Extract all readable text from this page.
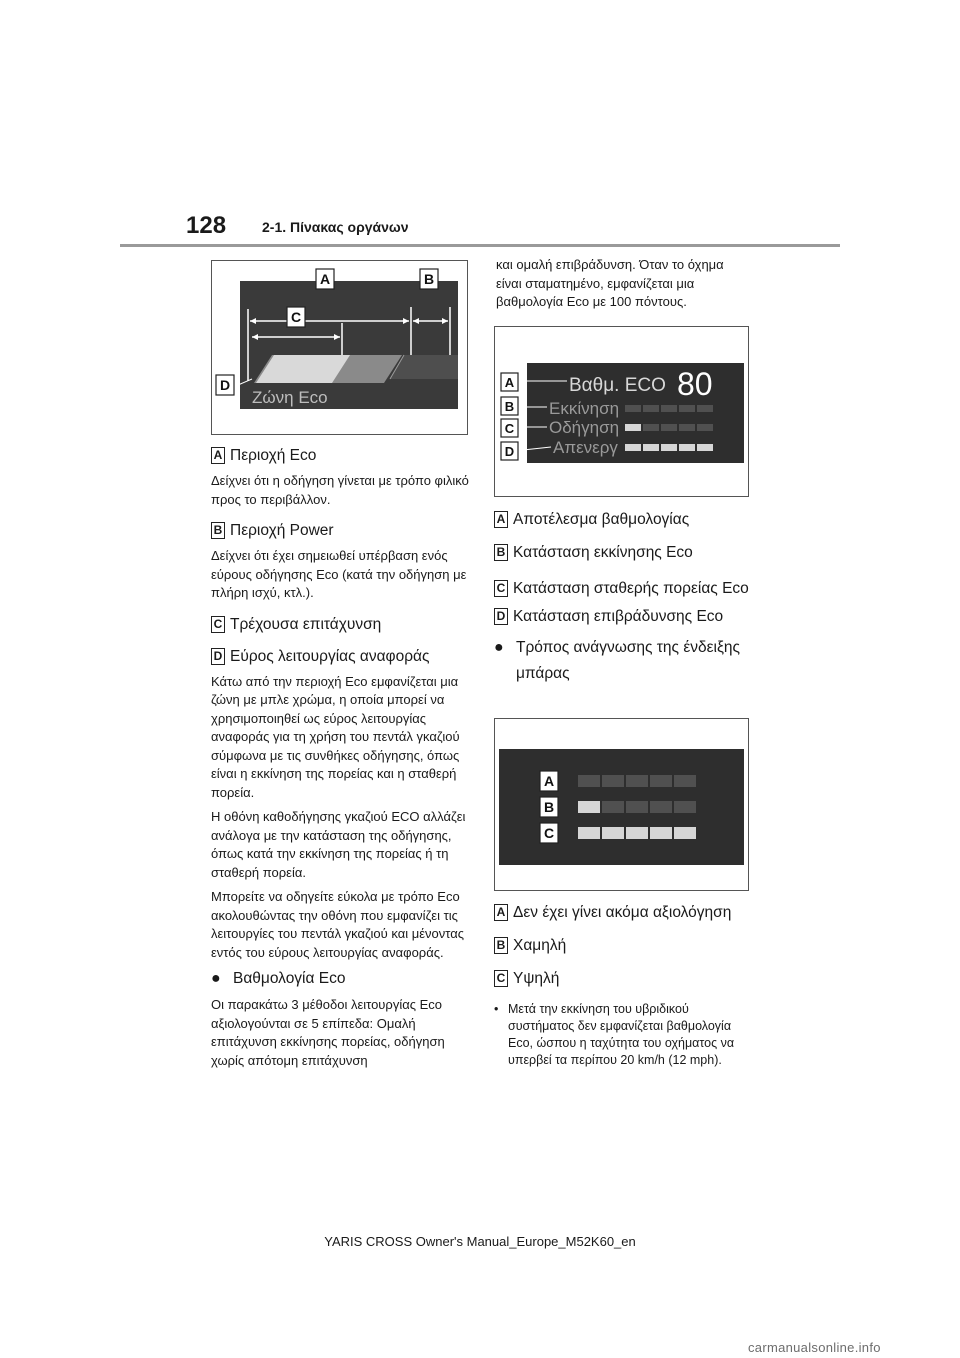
128	2-1. Πίνακας οργάνων
Ζώνη Eco
A	B
C
D
A Περιοχή Eco
Δείχνει ότι η οδήγηση γίνεται με τρόπο φιλικό προς το περιβάλλον.
B Περιοχή Power
Δείχνει ότι έχει σημειωθεί υπέρβαση ενός εύρους οδήγησης Eco (κατά την οδήγηση με πλήρη ισχύ, κτλ.).
C Τρέχουσα επιτάχυνση
D Εύρος λειτουργίας αναφοράς
Κάτω από την περιοχή Eco εμφανίζεται μια ζώνη με μπλε χρώμα, η οποία μπορεί να χρησιμοποιηθεί ως εύρος λειτουργίας αναφοράς για τη χρήση του πεντάλ γκαζιού σύμφωνα με τις συνθήκες οδήγησης, όπως είναι η εκκίνηση της πορείας και η σταθερή πορεία.
Η οθόνη καθοδήγησης γκαζιού ECO αλλάζει ανάλογα με την κατάσταση της οδήγησης, όπως κατά την εκκίνηση της πορείας ή τη σταθερή πορεία.
Μπορείτε να οδηγείτε εύκολα με τρόπο Eco ακολουθώντας την οθόνη που εμφανίζει τις λειτουργίες του πεντάλ γκαζιού και μένοντας εντός του εύρους λειτουργίας αναφοράς.
● Βαθμολογία Eco
Οι παρακάτω 3 μέθοδοι λειτουργίας Eco αξιολογούνται σε 5 επίπεδα: Ομαλή επιτάχυνση εκκίνησης πορείας, οδήγηση χωρίς απότομη επιτάχυνση
και ομαλή επιβράδυνση. Όταν το όχημα είναι σταματημένο, εμφανίζεται μια βαθμολογία Eco με 100 πόντους.
Βαθμ. ECO 80
Εκκίνηση
Οδήγηση
Απενεργ
A
B
C
D
A Αποτέλεσμα βαθμολογίας
B Κατάσταση εκκίνησης Eco
C Κατάσταση σταθερής πορείας Eco
D Κατάσταση επιβράδυνσης Eco
● Τρόπος ανάγνωσης της ένδειξης μπάρας
A
B
C
A Δεν έχει γίνει ακόμα αξιολόγηση
B Χαμηλή
C Υψηλή
• Μετά την εκκίνηση του υβριδικού συστήματος δεν εμφανίζεται βαθμολογία Eco, ώσπου η ταχύτητα του οχήματος να υπερβεί τα περίπου 20 km/h (12 mph).
YARIS CROSS Owner's Manual_Europe_M52K60_en
carmanualsonline.info
